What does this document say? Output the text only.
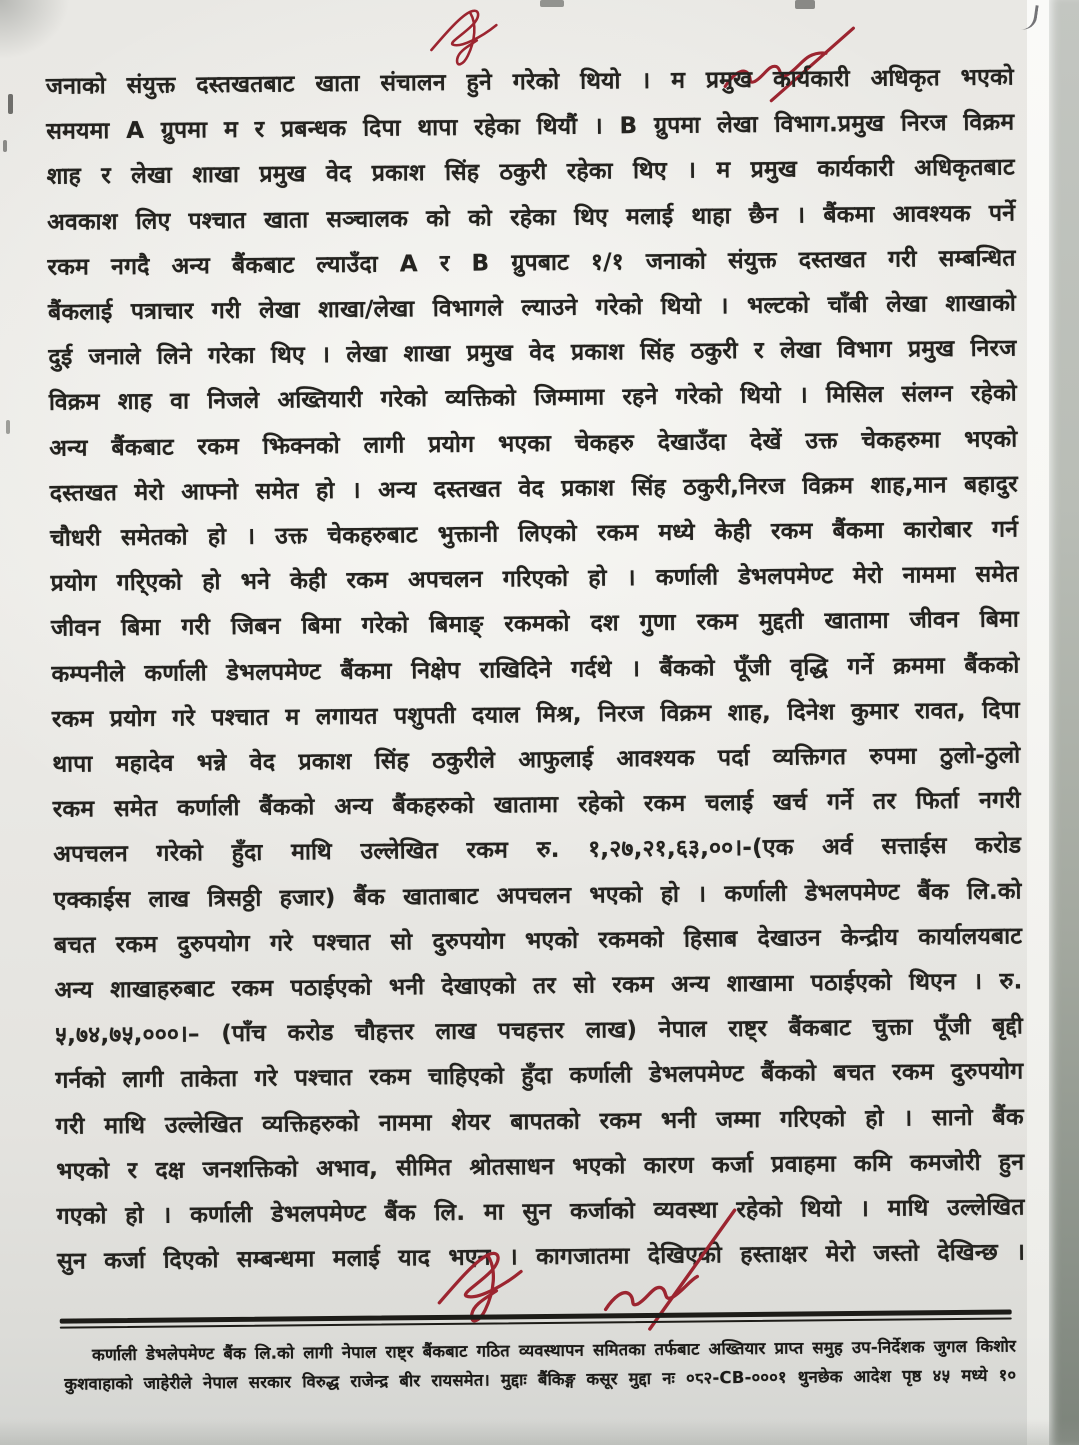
जनाको संयुक्त दस्तखतबाट खाता संचालन हुने गरेको थियो । म प्रमुख कार्यकारी अधिकृत भएको
समयमा A ग्रुपमा म र प्रबन्धक दिपा थापा रहेका थियौं । B ग्रुपमा लेखा विभाग.प्रमुख निरज विक्रम
शाह र लेखा शाखा प्रमुख वेद प्रकाश सिंह ठकुरी रहेका थिए । म प्रमुख कार्यकारी अधिकृतबाट
अवकाश लिए पश्चात खाता सञ्चालक को को रहेका थिए मलाई थाहा छैन । बैंकमा आवश्यक पर्ने
रकम नगदै अन्य बैंकबाट ल्याउँदा A र B ग्रुपबाट १/१ जनाको संयुक्त दस्तखत गरी सम्बन्धित
बैंकलाई पत्राचार गरी लेखा शाखा/लेखा विभागले ल्याउने गरेको थियो । भल्टको चाँबी लेखा शाखाको
दुई जनाले लिने गरेका थिए । लेखा शाखा प्रमुख वेद प्रकाश सिंह ठकुरी र लेखा विभाग प्रमुख निरज
विक्रम शाह वा निजले अख्तियारी गरेको व्यक्तिको जिम्मामा रहने गरेको थियो । मिसिल संलग्न रहेको
अन्य बैंकबाट रकम झिक्नको लागी प्रयोग भएका चेकहरु देखाउँदा देखें उक्त चेकहरुमा भएको
दस्तखत मेरो आफ्नो समेत हो । अन्य दस्तखत वेद प्रकाश सिंह ठकुरी,निरज विक्रम शाह,मान बहादुर
चौधरी समेतको हो । उक्त चेकहरुबाट भुक्तानी लिएको रकम मध्ये केही रकम बैंकमा कारोबार गर्न
प्रयोग गरि्एको हो भने केही रकम अपचलन गरिएको हो । कर्णाली डेभलपमेण्ट मेरो नाममा समेत
जीवन बिमा गरी जिबन बिमा गरेको बिमाङ् रकमको दश गुणा रकम मुद्दती खातामा जीवन बिमा
कम्पनीले कर्णाली डेभलपमेण्ट बैंकमा निक्षेप राखिदिने गर्दथे । बैंकको पूँजी वृद्धि गर्ने क्रममा बैंकको
रकम प्रयोग गरे पश्चात म लगायत पशुपती दयाल मिश्र, निरज विक्रम शाह, दिनेश कुमार रावत, दिपा
थापा महादेव भन्ने वेद प्रकाश सिंह ठकुरीले आफुलाई आवश्यक पर्दा व्यक्तिगत रुपमा ठुलो-ठुलो
रकम समेत कर्णाली बैंकको अन्य बैंकहरुको खातामा रहेको रकम चलाई खर्च गर्ने तर फिर्ता नगरी
अपचलन गरेको हुँदा माथि उल्लेखित रकम रु. १,२७,२१,६३,००।-(एक अर्व सत्ताईस करोड
एक्काईस लाख त्रिसठ्ठी हजार) बैंक खाताबाट अपचलन भएको हो । कर्णाली डेभलपमेण्ट बैंक लि.को
बचत रकम दुरुपयोग गरे पश्चात सो दुरुपयोग भएको रकमको हिसाब देखाउन केन्द्रीय कार्यालयबाट
अन्य शाखाहरुबाट रकम पठाईएको भनी देखाएको तर सो रकम अन्य शाखामा पठाईएको थिएन । रु.
५,७४,७५,०००।– (पाँच करोड चौहत्तर लाख पचहत्तर लाख) नेपाल राष्ट्र बैंकबाट चुक्ता पूँजी बृद्दी
गर्नको लागी ताकेता गरे पश्चात रकम चाहिएको हुँदा कर्णाली डेभलपमेण्ट बैंकको बचत रकम दुरुपयोग
गरी माथि उल्लेखित व्यक्तिहरुको नाममा शेयर बापतको रकम भनी जम्मा गरिएको हो । सानो बैंक
भएको र दक्ष जनशक्तिको अभाव, सीमित श्रोतसाधन भएको कारण कर्जा प्रवाहमा कमि कमजोरी हुन
गएको हो । कर्णाली डेभलपमेण्ट बैंक लि. मा सुन कर्जाको व्यवस्था रहेको थियो । माथि उल्लेखित
सुन कर्जा दिएको सम्बन्धमा मलाई याद भएन । कागजातमा देखिएको हस्ताक्षर मेरो जस्तो देखिन्छ ।
कर्णाली डेभलेपमेण्ट बैंक लि.को लागी नेपाल राष्ट्र बैंकबाट गठित व्यवस्थापन समितका तर्फबाट अख्तियार प्राप्त समुह उप-निर्देशक जुगल किशोर
कुशवाहाको जाहेरीले नेपाल सरकार विरुद्ध राजेन्द्र बीर रायसमेत। मुद्दाः बैंकिङ्ग कसूर मुद्दा नः ०८२-CB-०००१ थुनछेक आदेश पृष्ठ ४५ मध्ये १०
